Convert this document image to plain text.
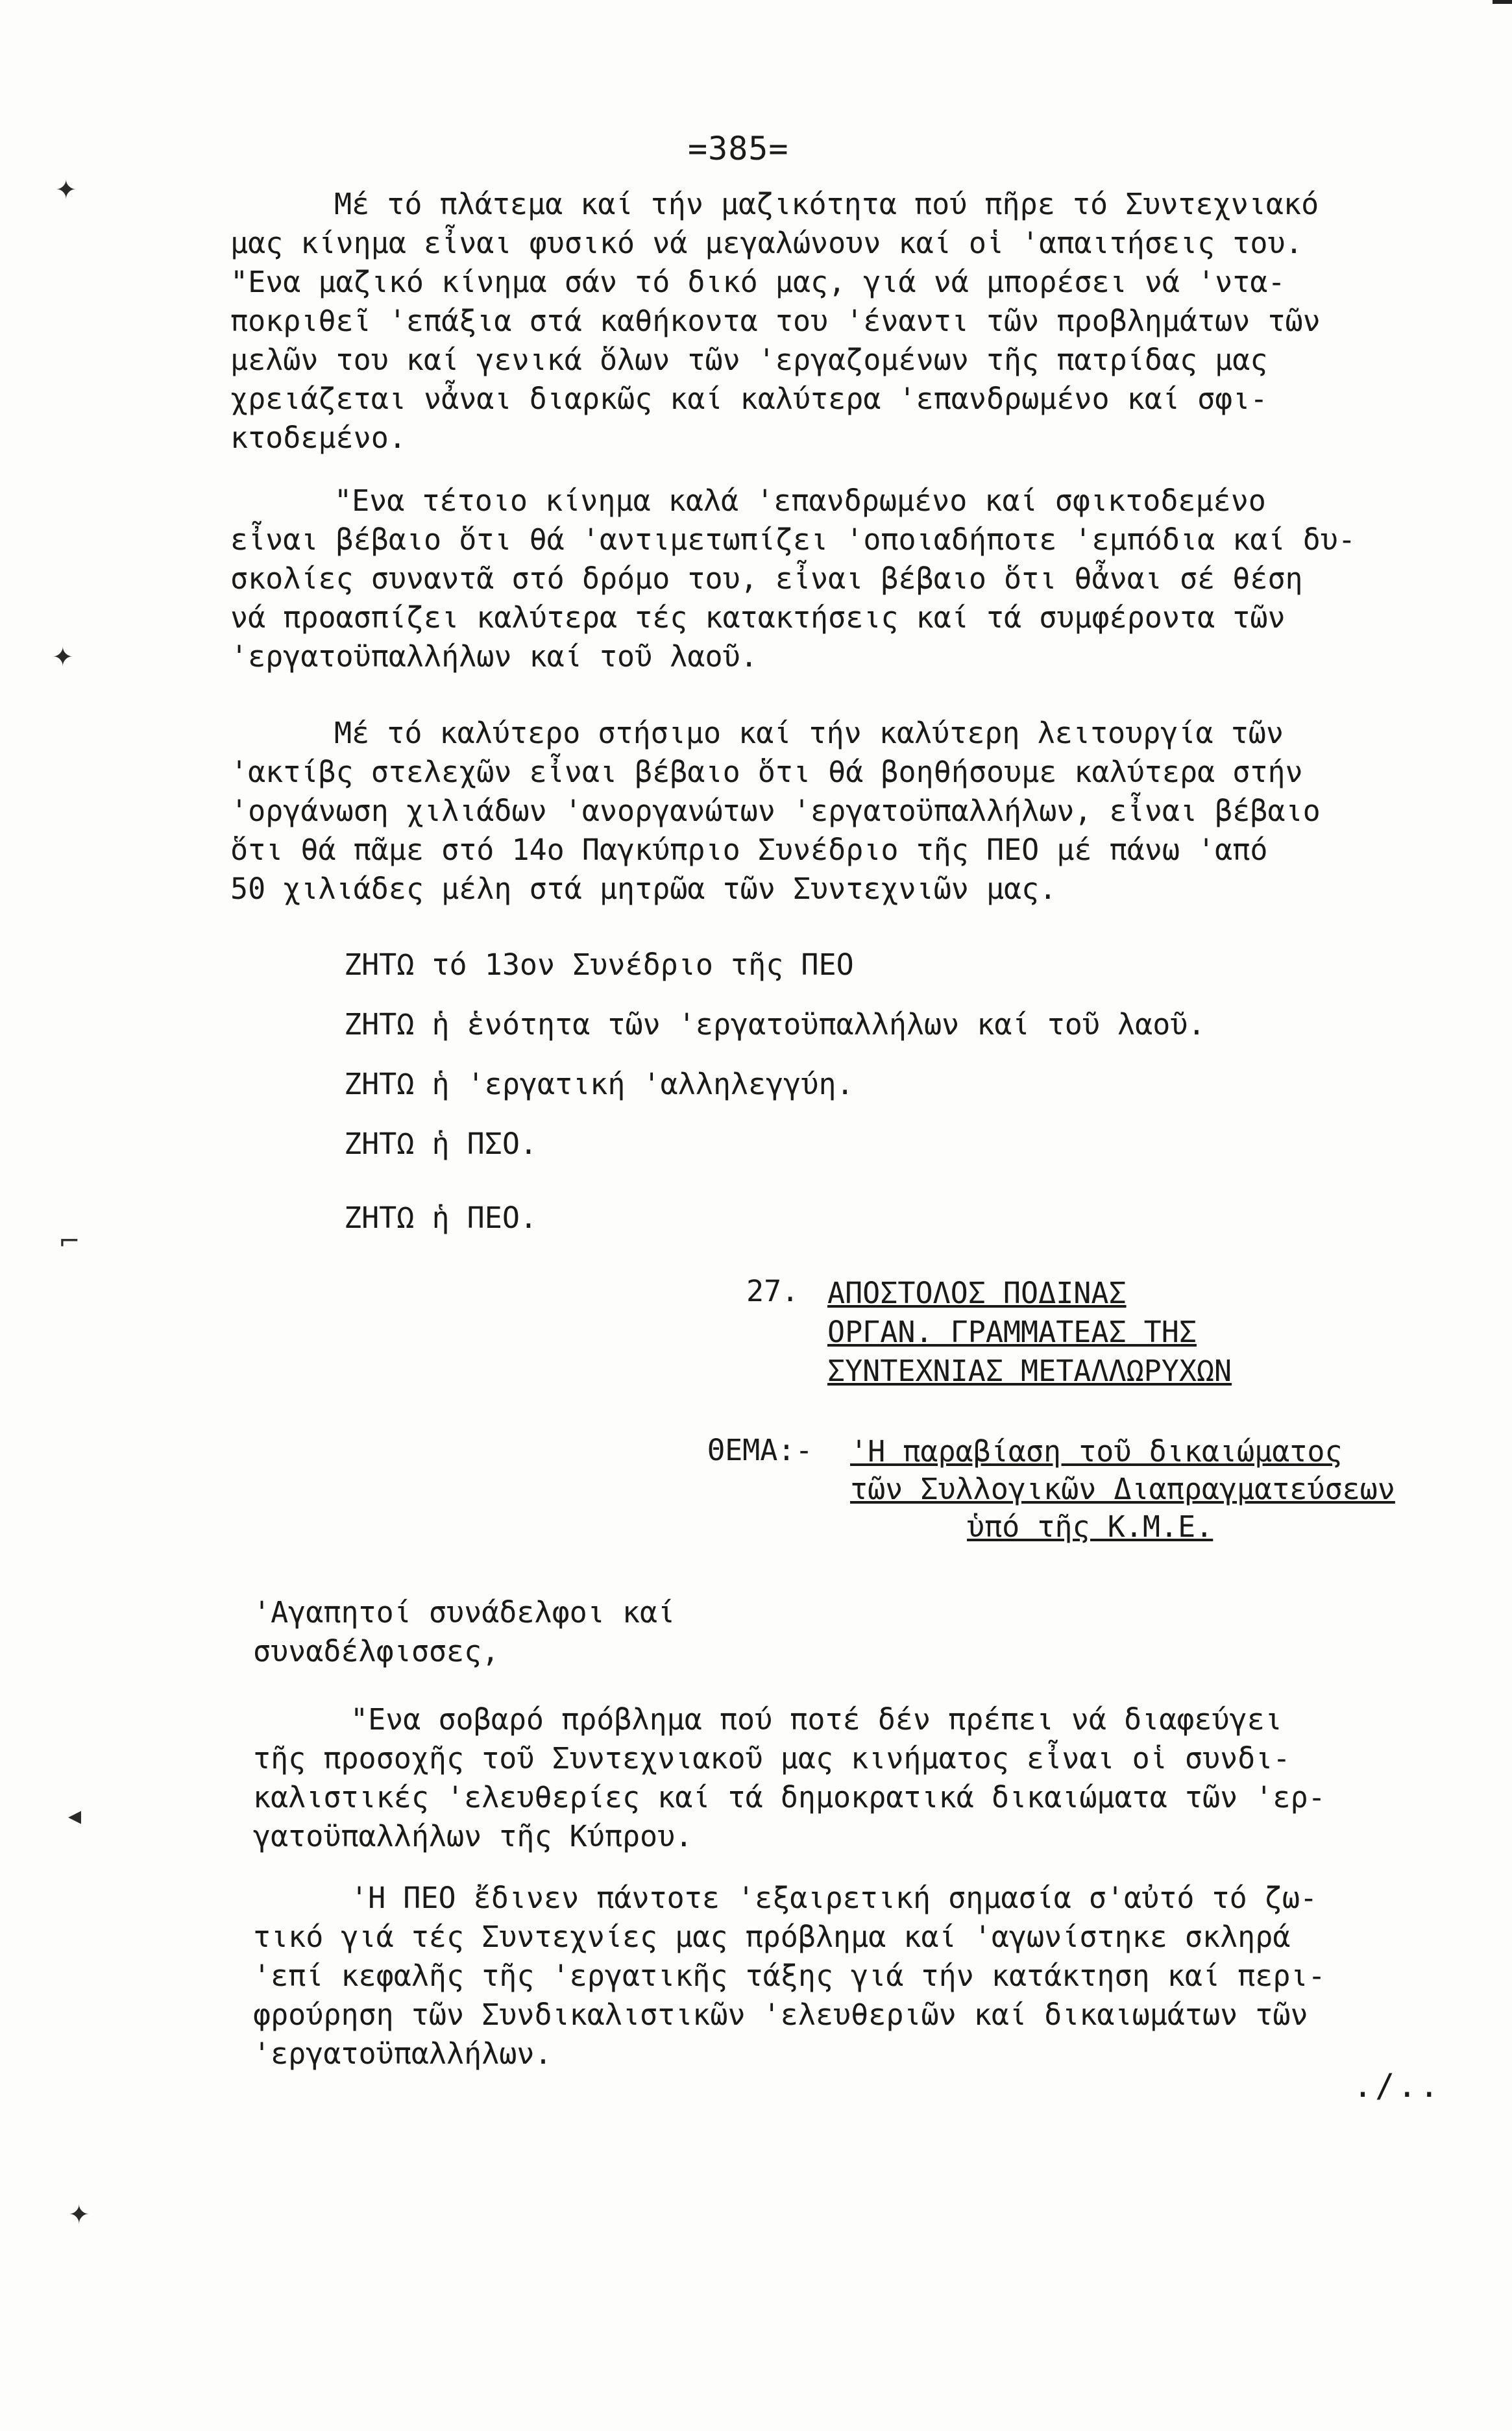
✦
✦
⌐
◂
✦
=385=

Μέ τό πλάτεμα καί τήν μαζικότητα πού πῆρε τό Συντεχνιακό
μας κίνημα εἶναι φυσικό νά μεγαλώνουν καί οἱ 'απαιτήσεις του.
"Ενα μαζικό κίνημα σάν τό δικό μας, γιά νά μπορέσει νά 'ντα-
ποκριθεῖ 'επάξια στά καθήκοντα του 'έναντι τῶν προβλημάτων τῶν
μελῶν του καί γενικά ὅλων τῶν 'εργαζομένων τῆς πατρίδας μας
χρειάζεται νἆναι διαρκῶς καί καλύτερα 'επανδρωμένο καί σφι-
κτοδεμένο.

"Ενα τέτοιο κίνημα καλά 'επανδρωμένο καί σφικτοδεμένο
εἶναι βέβαιο ὅτι θά 'αντιμετωπίζει 'οποιαδήποτε 'εμπόδια καί δυ-
σκολίες συναντᾶ στό δρόμο του, εἶναι βέβαιο ὅτι θἆναι σέ θέση
νά προασπίζει καλύτερα τές κατακτήσεις καί τά συμφέροντα τῶν
'εργατοϋπαλλήλων καί τοῦ λαοῦ.

Μέ τό καλύτερο στήσιμο καί τήν καλύτερη λειτουργία τῶν
'ακτίβς στελεχῶν εἶναι βέβαιο ὅτι θά βοηθήσουμε καλύτερα στήν
'οργάνωση χιλιάδων 'ανοργανώτων 'εργατοϋπαλλήλων, εἶναι βέβαιο
ὅτι θά πᾶμε στό 14ο Παγκύπριο Συνέδριο τῆς ΠΕΟ μέ πάνω 'από
50 χιλιάδες μέλη στά μητρῶα τῶν Συντεχνιῶν μας.

ΖΗΤΩ τό 13ον Συνέδριο τῆς ΠΕΟ
ΖΗΤΩ ἡ ἑνότητα τῶν 'εργατοϋπαλλήλων καί τοῦ λαοῦ.
ΖΗΤΩ ἡ 'εργατική 'αλληλεγγύη.
ΖΗΤΩ ἡ ΠΣΟ.
ΖΗΤΩ ἡ ΠΕΟ.
27. ΑΠΟΣΤΟΛΟΣ ΠΟΔΙΝΑΣ
ΟΡΓΑΝ. ΓΡΑΜΜΑΤΕΑΣ ΤΗΣ
ΣΥΝΤΕΧΝΙΑΣ ΜΕΤΑΛΛΩΡΥΧΩΝ
ΘΕΜΑ:- 'Η παραβίαση τοῦ δικαιώματος
τῶν Συλλογικῶν Διαπραγματεύσεων
ὑπό τῆς Κ.Μ.Ε.
'Αγαπητοί συνάδελφοι καί
συναδέλφισσες,

"Ενα σοβαρό πρόβλημα πού ποτέ δέν πρέπει νά διαφεύγει
τῆς προσοχῆς τοῦ Συντεχνιακοῦ μας κινήματος εἶναι οἱ συνδι-
καλιστικές 'ελευθερίες καί τά δημοκρατικά δικαιώματα τῶν 'ερ-
γατοϋπαλλήλων τῆς Κύπρου.

'Η ΠΕΟ ἔδινεν πάντοτε 'εξαιρετική σημασία σ'αὐτό τό ζω-
τικό γιά τές Συντεχνίες μας πρόβλημα καί 'αγωνίστηκε σκληρά
'επί κεφαλῆς τῆς 'εργατικῆς τάξης γιά τήν κατάκτηση καί περι-
φρούρηση τῶν Συνδικαλιστικῶν 'ελευθεριῶν καί δικαιωμάτων τῶν
'εργατοϋπαλλήλων.

./..
